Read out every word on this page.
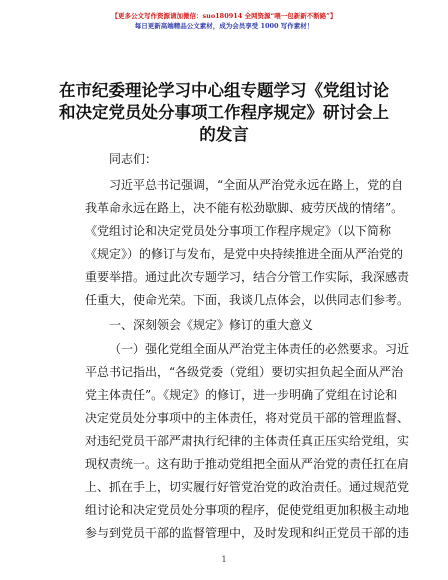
【更多公文写作资源请加微信：suo180914 全网资源“喂一包新新不断路”】
每日更新高端精品公文素材，成为会员享受 1000 写作素材！
在市纪委理论学习中心组专题学习《党组讨论
和决定党员处分事项工作程序规定》研讨会上
的发言
同志们：
习近平总书记强调，“全面从严治党永远在路上，党的自
我革命永远在路上，决不能有松劲歇脚、疲劳厌战的情绪”。
《党组讨论和决定党员处分事项工作程序规定》（以下简称
《规定》）的修订与发布，是党中央持续推进全面从严治党的
重要举措。通过此次专题学习，结合分管工作实际，我深感责
任重大，使命光荣。下面，我谈几点体会，以供同志们参考。
一、深刻领会《规定》修订的重大意义
（一）强化党组全面从严治党主体责任的必然要求。习近
平总书记指出，“各级党委（党组）要切实担负起全面从严治
党主体责任”。《规定》的修订，进一步明确了党组在讨论和
决定党员处分事项中的主体责任，将对党员干部的管理监督、
对违纪党员干部严肃执行纪律的主体责任真正压实给党组，实
现权责统一。这有助于推动党组把全面从严治党的责任扛在肩
上、抓在手上，切实履行好管党治党的政治责任。通过规范党
组讨论和决定党员处分事项的程序，促使党组更加积极主动地
参与到党员干部的监督管理中，及时发现和纠正党员干部的违
1
